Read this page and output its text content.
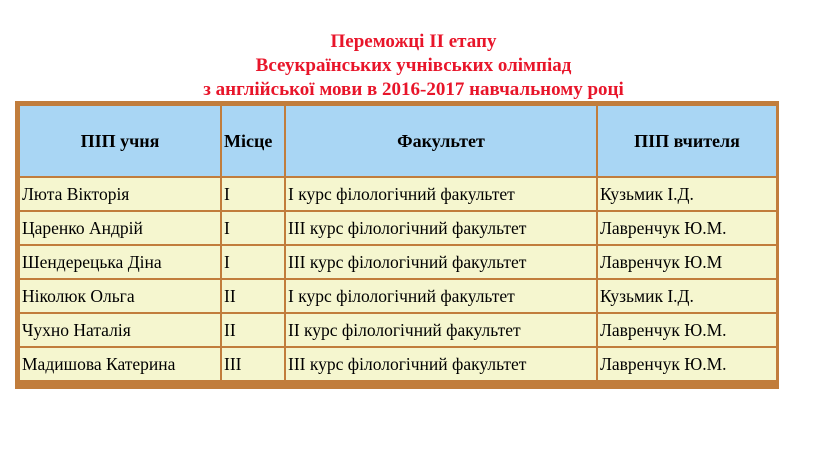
Переможці ІІ етапу
Всеукраїнських учнівських олімпіад
з англійської мови в 2016-2017 навчальному році
ПІП учня	Місце	Факультет	ПІП вчителя
Люта Вікторія	І	І курс філологічний факультет	Кузьмик І.Д.
Царенко Андрій	І	ІІІ курс філологічний факультет	Лавренчук Ю.М.
Шендерецька Діна	І	ІІІ курс філологічний факультет	Лавренчук Ю.М
Ніколюк Ольга	ІІ	І курс філологічний факультет	Кузьмик І.Д.
Чухно Наталія	ІІ	ІІ курс філологічний факультет	Лавренчук Ю.М.
Мадишова Катерина	ІІІ	ІІІ курс філологічний факультет	Лавренчук Ю.М.
